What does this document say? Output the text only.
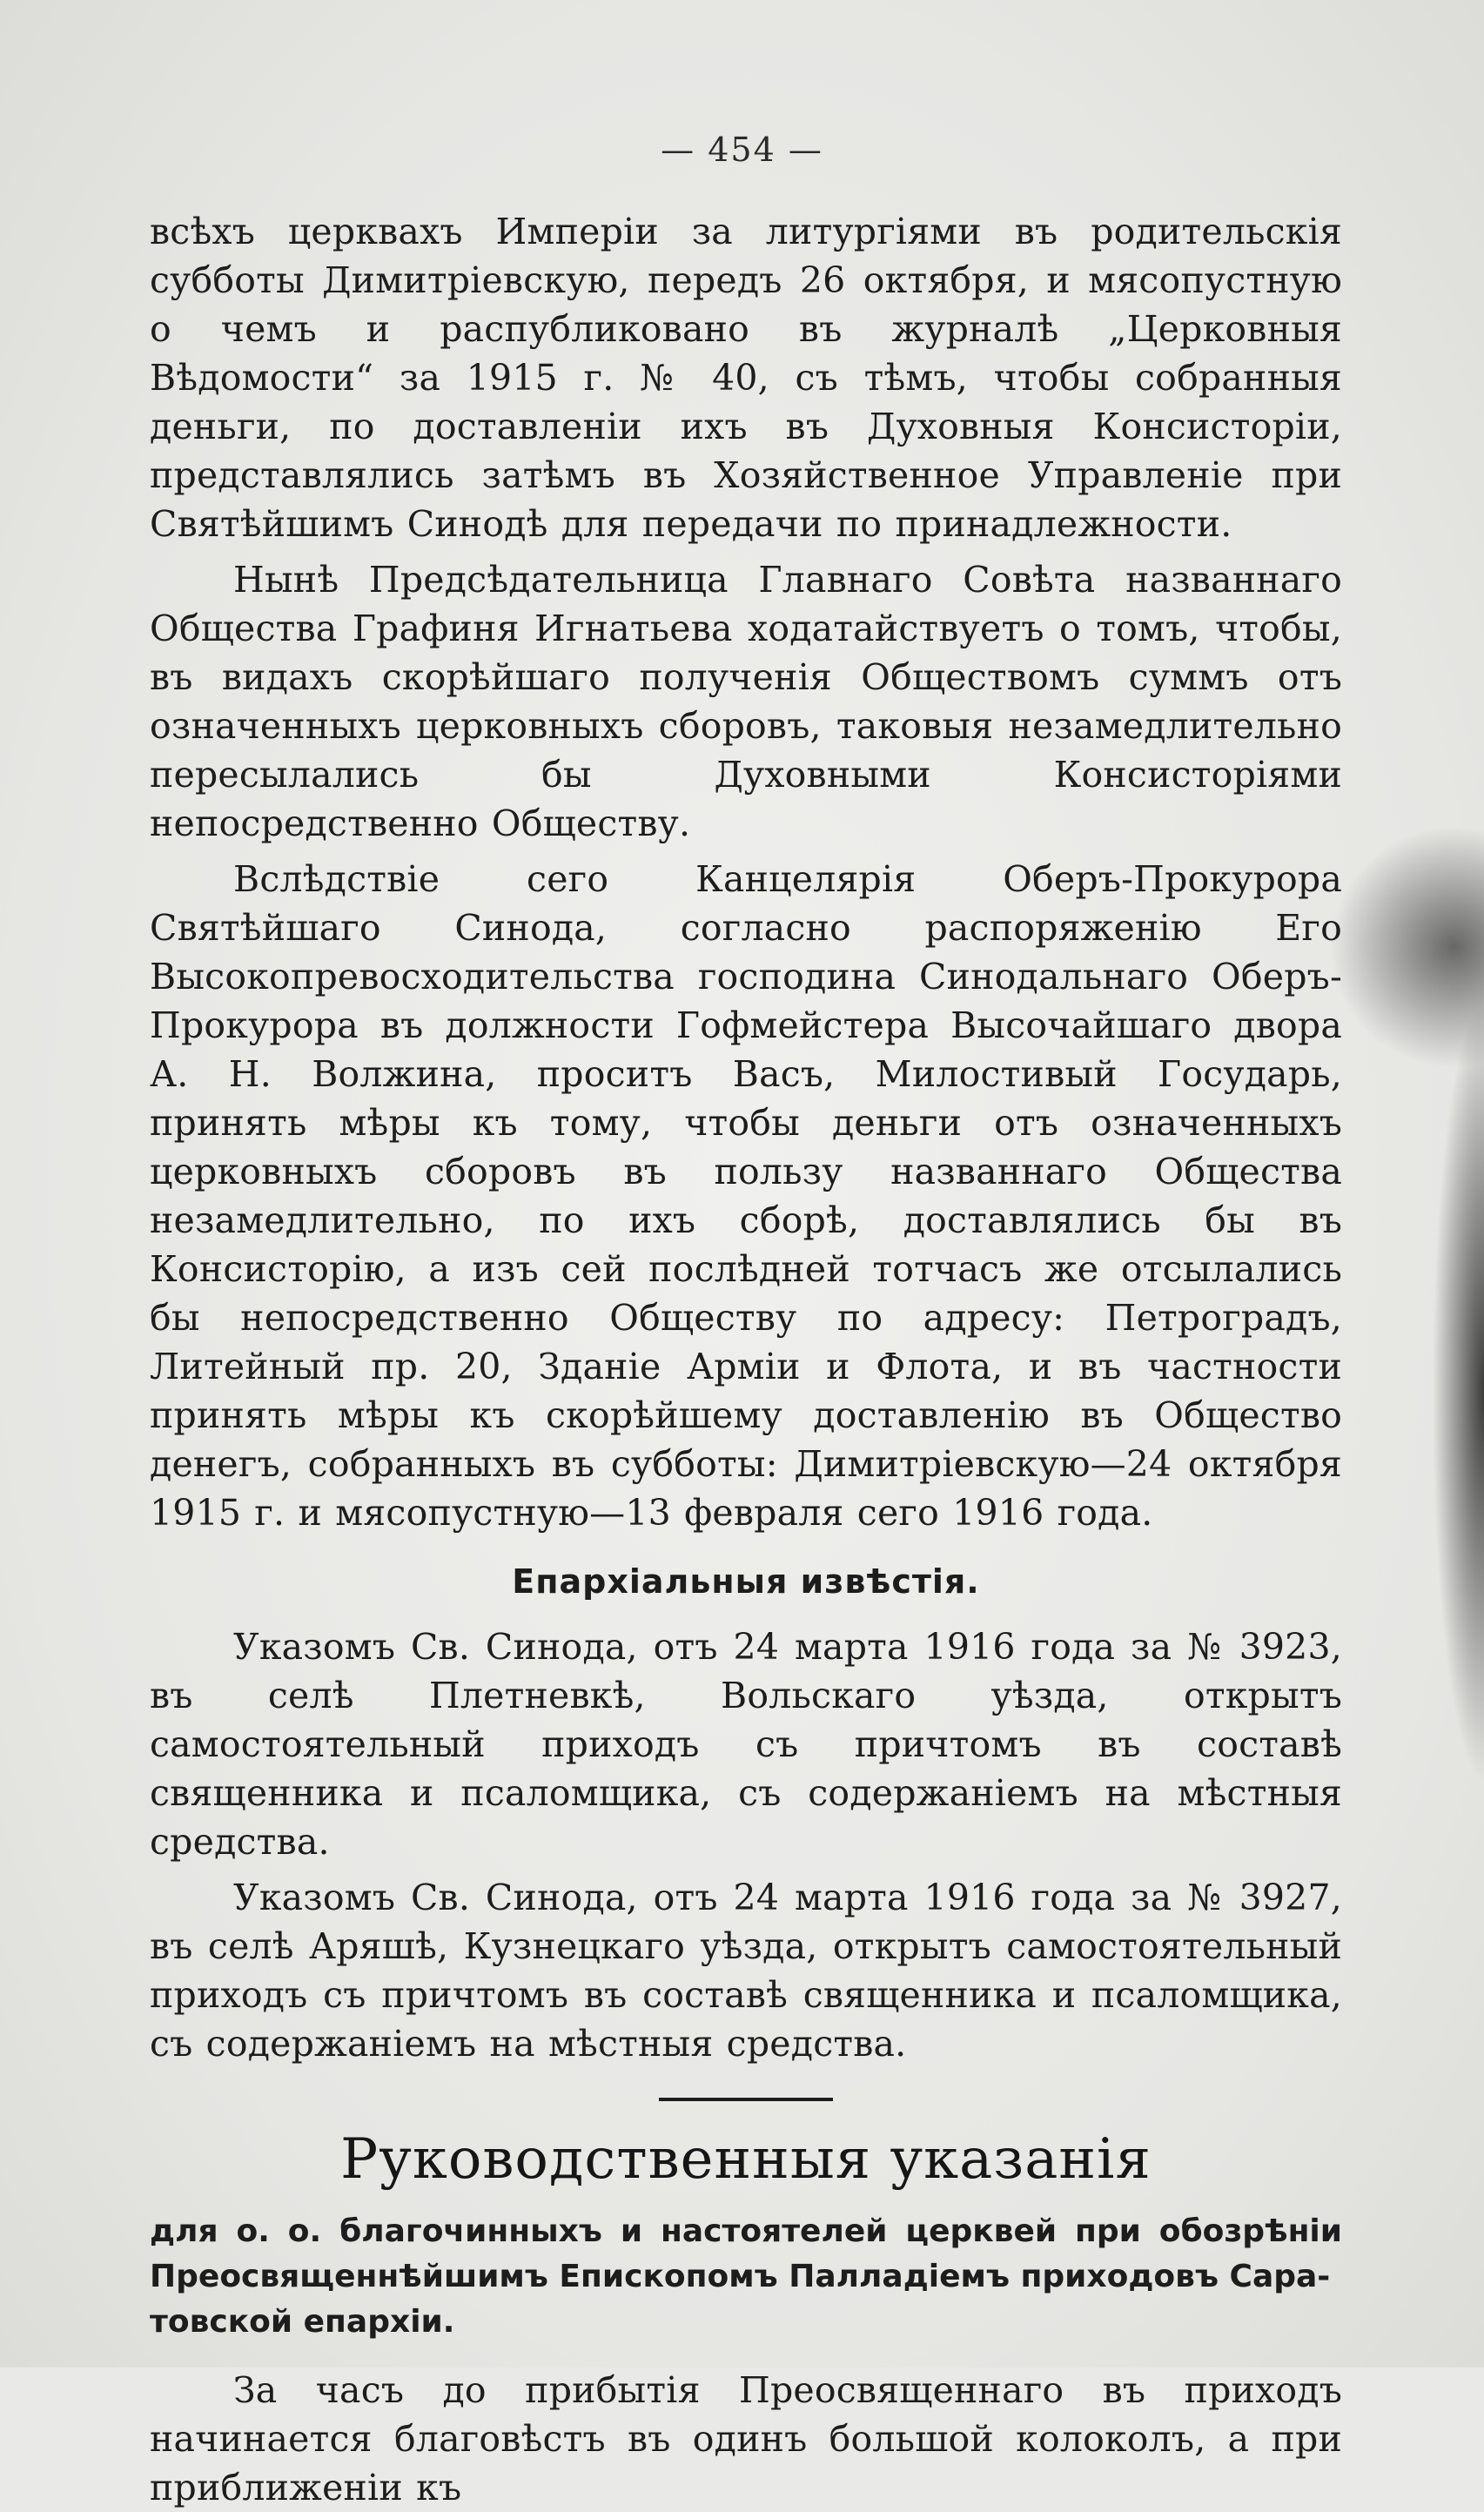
— 454 —

всѣхъ церквахъ Имперіи за литургіями въ родительскія субботы Димитріевскую, передъ 26 октября, и мясопустную о чемъ и распубликовано въ журналѣ „Церковныя Вѣдомости“ за 1915 г. № 40, съ тѣмъ, чтобы собранныя деньги, по доставленіи ихъ въ Духовныя Консисторіи, представлялись затѣмъ въ Хозяйственное Управленіе при Святѣйшимъ Синодѣ для передачи по принадлежности.

Нынѣ Предсѣдательница Главнаго Совѣта названнаго Общества Графиня Игнатьева ходатайствуетъ о томъ, чтобы, въ видахъ скорѣйшаго полученія Обществомъ суммъ отъ означенныхъ церковныхъ сборовъ, таковыя незамедлительно пересылались бы Духовными Консисторіями непосредственно Обществу.

Вслѣдствіе сего Канцелярія Оберъ-Прокурора Святѣйшаго Синода, согласно распоряженію Его Высокопревосходительства господина Синодальнаго Оберъ-Прокурора въ должности Гофмейстера Высочайшаго двора А. Н. Волжина, проситъ Васъ, Милостивый Государь, принять мѣры къ тому, чтобы деньги отъ означенныхъ церковныхъ сборовъ въ пользу названнаго Общества незамедлительно, по ихъ сборѣ, доставлялись бы въ Консисторію, а изъ сей послѣдней тотчасъ же отсылались бы непосредственно Обществу по адресу: Петроградъ, Литейный пр. 20, Зданіе Арміи и Флота, и въ частности принять мѣры къ скорѣйшему доставленію въ Общество денегъ, собранныхъ въ субботы: Димитріевскую—24 октября 1915 г. и мясопустную—13 февраля сего 1916 года.

Епархіальныя извѣстія.

Указомъ Св. Синода, отъ 24 марта 1916 года за № 3923, въ селѣ Плетневкѣ, Вольскаго уѣзда, открытъ самостоятельный приходъ съ причтомъ въ составѣ священника и псаломщика, съ содержаніемъ на мѣстныя средства.

Указомъ Св. Синода, отъ 24 марта 1916 года за № 3927, въ селѣ Аряшѣ, Кузнецкаго уѣзда, открытъ самостоятельный приходъ съ причтомъ въ составѣ священника и псаломщика, съ содержаніемъ на мѣстныя средства.

Руководственныя указанія
для о. о. благочинныхъ и настоятелей церквей при обозрѣніи Преосвященнѣйшимъ Епископомъ Палладіемъ приходовъ Сара-
товской епархіи.

За часъ до прибытія Преосвященнаго въ приходъ начинается благовѣстъ въ одинъ большой колоколъ, а при приближеніи къ
